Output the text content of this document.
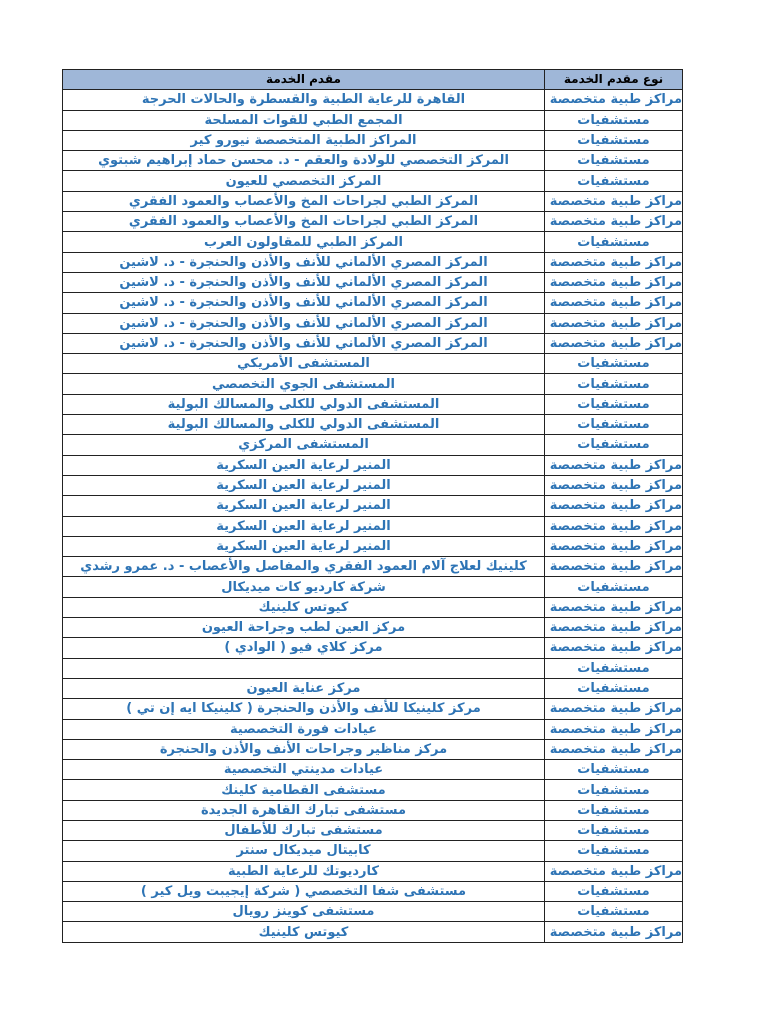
مقدم الخدمة	نوع مقدم الخدمة

القاهرة للرعاية الطبية والقسطرة والحالات الحرجة	مراكز طبية متخصصة

المجمع الطبي للقوات المسلحة	مستشفيات

المراكز الطبية المتخصصة نيورو كير	مستشفيات

المركز التخصصي للولادة والعقم - د. محسن حماد إبراهيم شبتوي	مستشفيات

المركز التخصصي للعيون	مستشفيات

المركز الطبي لجراحات المخ والأعصاب والعمود الفقري	مراكز طبية متخصصة

المركز الطبي لجراحات المخ والأعصاب والعمود الفقري	مراكز طبية متخصصة

المركز الطبي للمقاولون العرب	مستشفيات

المركز المصري الألماني للأنف والأذن والحنجرة - د. لاشين	مراكز طبية متخصصة

المركز المصري الألماني للأنف والأذن والحنجرة - د. لاشين	مراكز طبية متخصصة

المركز المصري الألماني للأنف والأذن والحنجرة - د. لاشين	مراكز طبية متخصصة

المركز المصري الألماني للأنف والأذن والحنجرة - د. لاشين	مراكز طبية متخصصة

المركز المصري الألماني للأنف والأذن والحنجرة - د. لاشين	مراكز طبية متخصصة

المستشفى الأمريكي	مستشفيات

المستشفى الجوي التخصصي	مستشفيات

المستشفى الدولي للكلى والمسالك البولية	مستشفيات

المستشفى الدولي للكلى والمسالك البولية	مستشفيات

المستشفى المركزي	مستشفيات

المنير لرعاية العين السكرية	مراكز طبية متخصصة

المنير لرعاية العين السكرية	مراكز طبية متخصصة

المنير لرعاية العين السكرية	مراكز طبية متخصصة

المنير لرعاية العين السكرية	مراكز طبية متخصصة

المنير لرعاية العين السكرية	مراكز طبية متخصصة

كلينيك لعلاج آلام العمود الفقري والمفاصل والأعصاب - د. عمرو رشدي	مراكز طبية متخصصة

شركة كارديو كات ميديكال	مستشفيات

كيوتس كلينيك	مراكز طبية متخصصة

مركز العين لطب وجراحة العيون	مراكز طبية متخصصة

مركز كلاي فيو ( الوادي )	مراكز طبية متخصصة

	مستشفيات

مركز عناية العيون	مستشفيات

مركز كلينيكا للأنف والأذن والحنجرة ( كلينيكا ايه إن تي )	مراكز طبية متخصصة

عيادات فورة التخصصية	مراكز طبية متخصصة

مركز مناظير وجراحات الأنف والأذن والحنجرة	مراكز طبية متخصصة

عيادات مدينتي التخصصية	مستشفيات

مستشفى القطامية كلينك	مستشفيات

مستشفى تبارك القاهرة الجديدة	مستشفيات

مستشفى تبارك للأطفال	مستشفيات

كابيتال ميديكال سنتر	مستشفيات

كارديوتك للرعاية الطبية	مراكز طبية متخصصة

مستشفى شفا التخصصي ( شركة إيجيبت ويل كير )	مستشفيات

مستشفى كوينز رويال	مستشفيات

كيوتس كلينيك	مراكز طبية متخصصة
